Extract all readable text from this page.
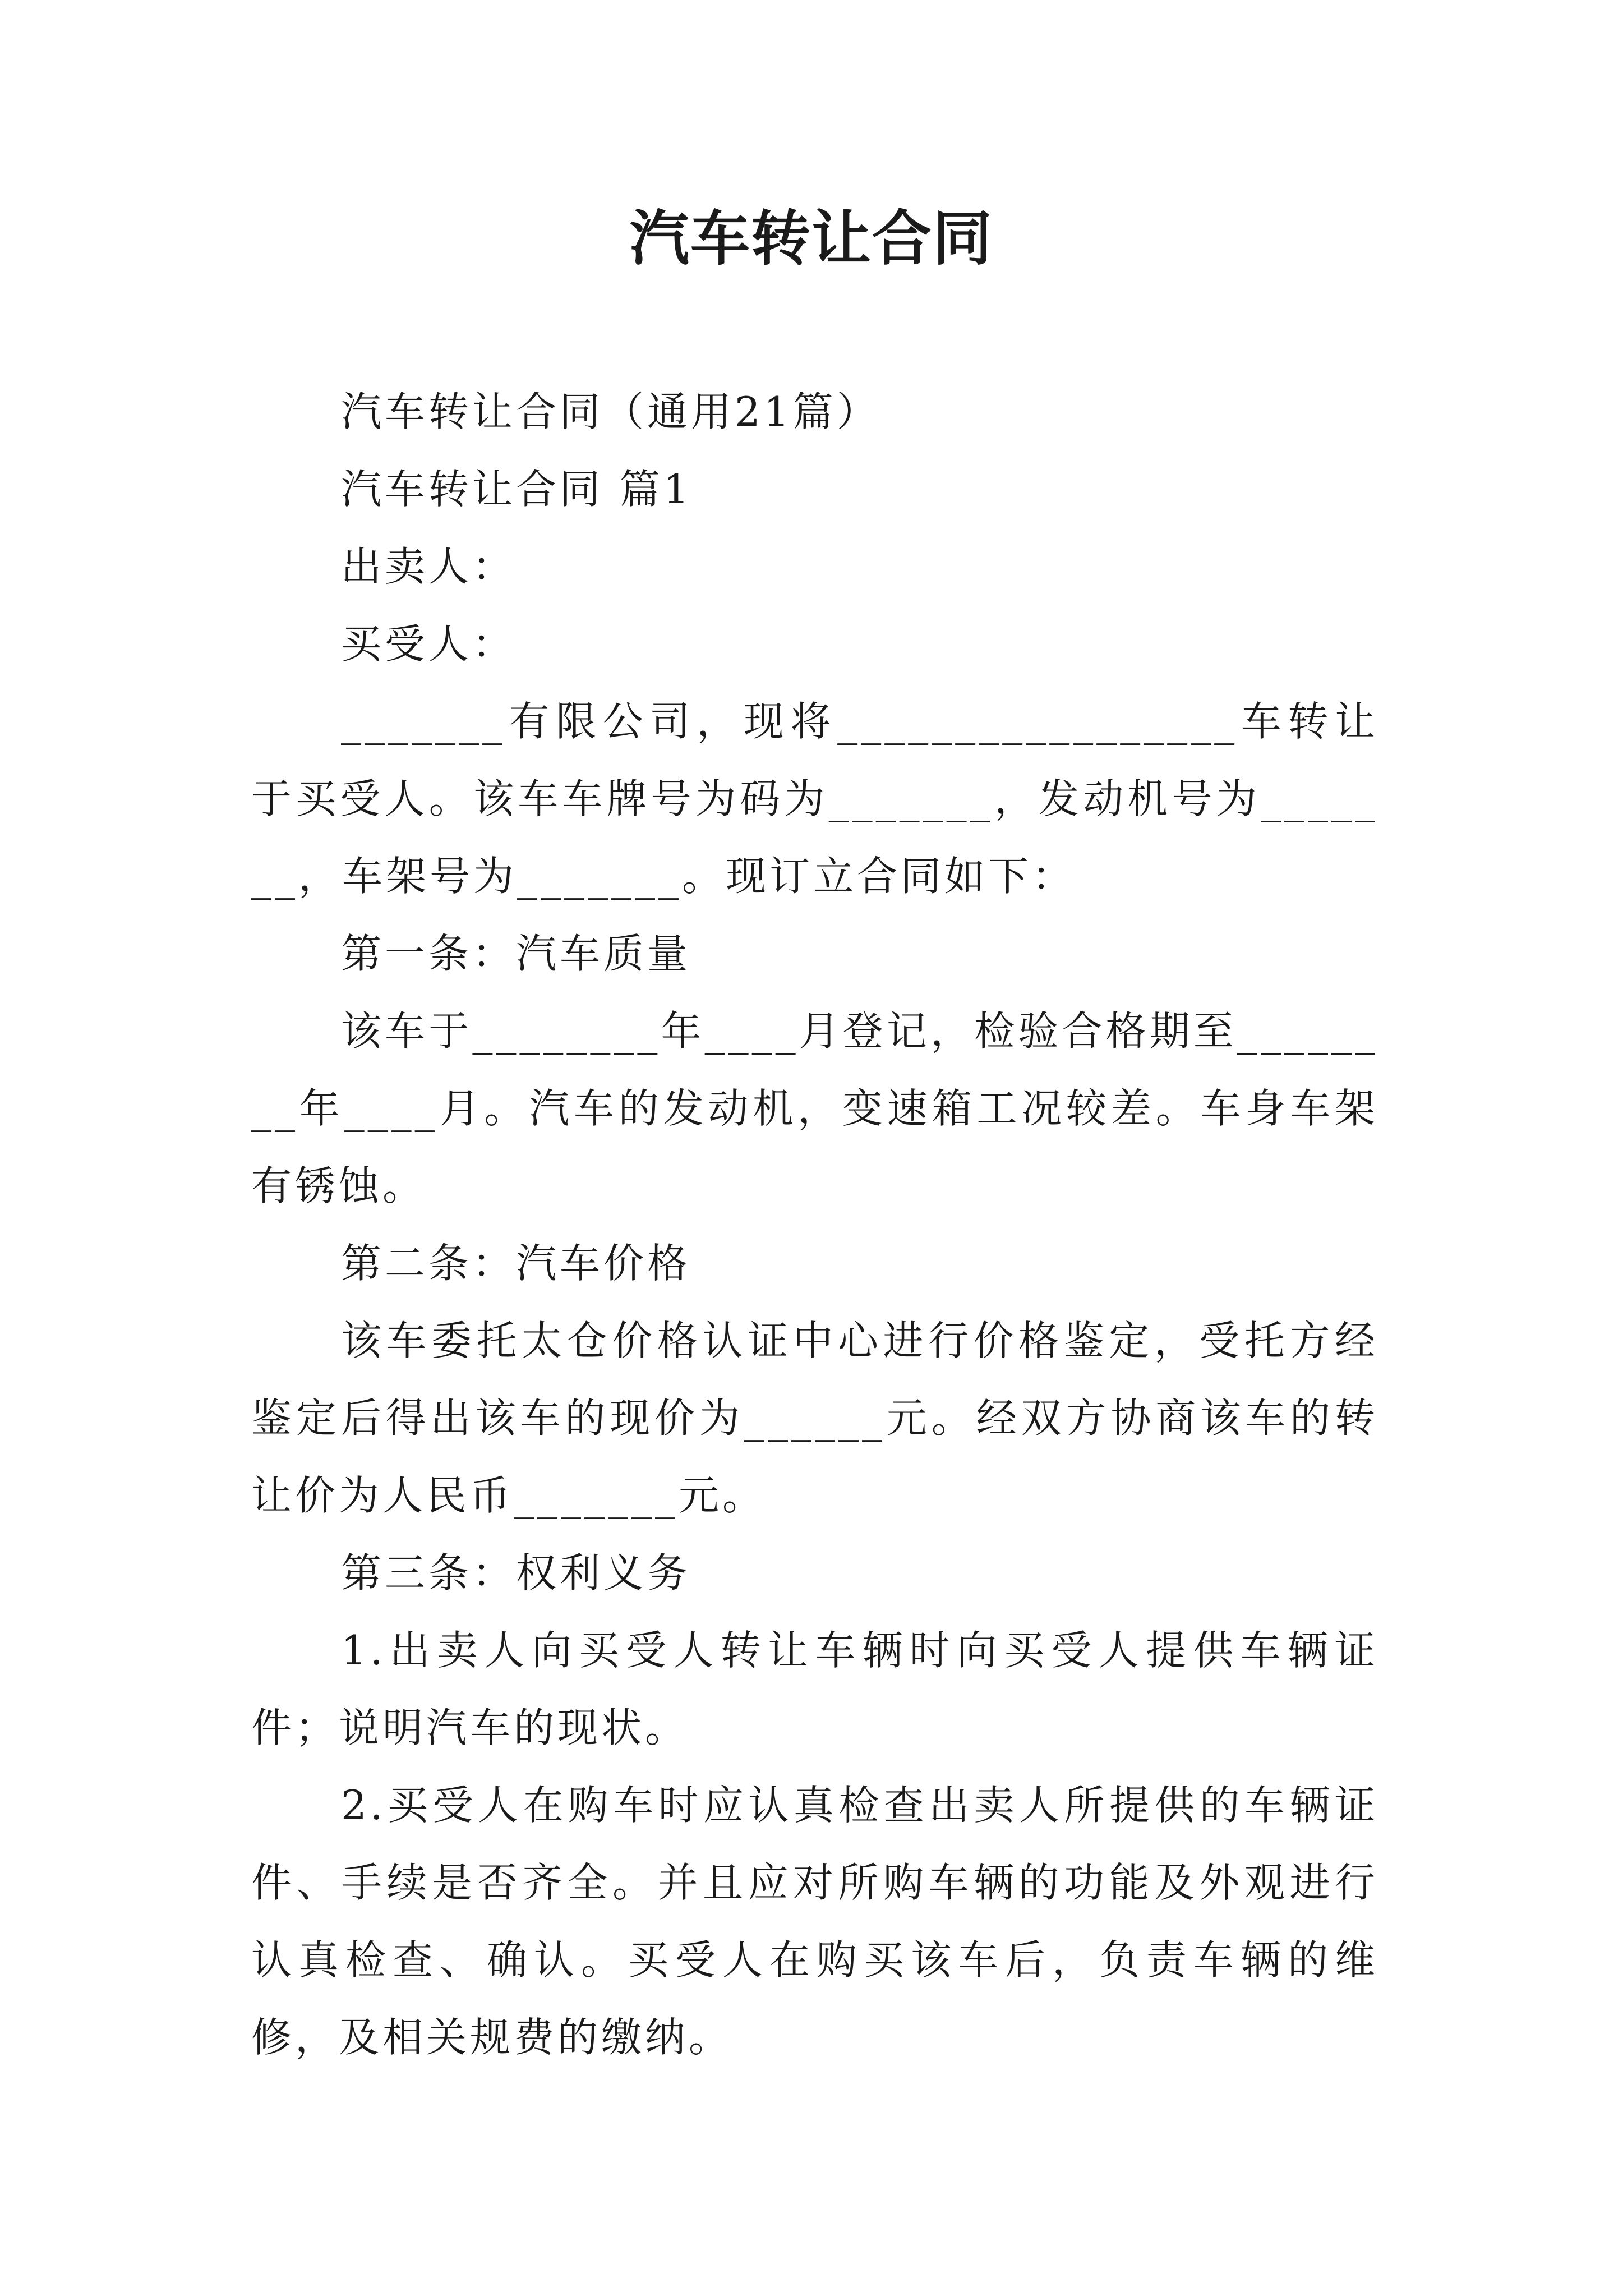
汽车转让合同

汽车转让合同（通用21篇）

汽车转让合同 篇1

出卖人：

买受人：

_______有限公司，现将_________________车转让于买受人。该车车牌号为码为_______，发动机号为_______，车架号为_______。现订立合同如下：

第一条：汽车质量

该车于________年____月登记，检验合格期至________年____月。汽车的发动机，变速箱工况较差。车身车架有锈蚀。

第二条：汽车价格

该车委托太仓价格认证中心进行价格鉴定，受托方经鉴定后得出该车的现价为______元。经双方协商该车的转让价为人民币_______元。

第三条：权利义务

1.出卖人向买受人转让车辆时向买受人提供车辆证件；说明汽车的现状。

2.买受人在购车时应认真检查出卖人所提供的车辆证件、手续是否齐全。并且应对所购车辆的功能及外观进行认真检查、确认。买受人在购买该车后，负责车辆的维修，及相关规费的缴纳。
